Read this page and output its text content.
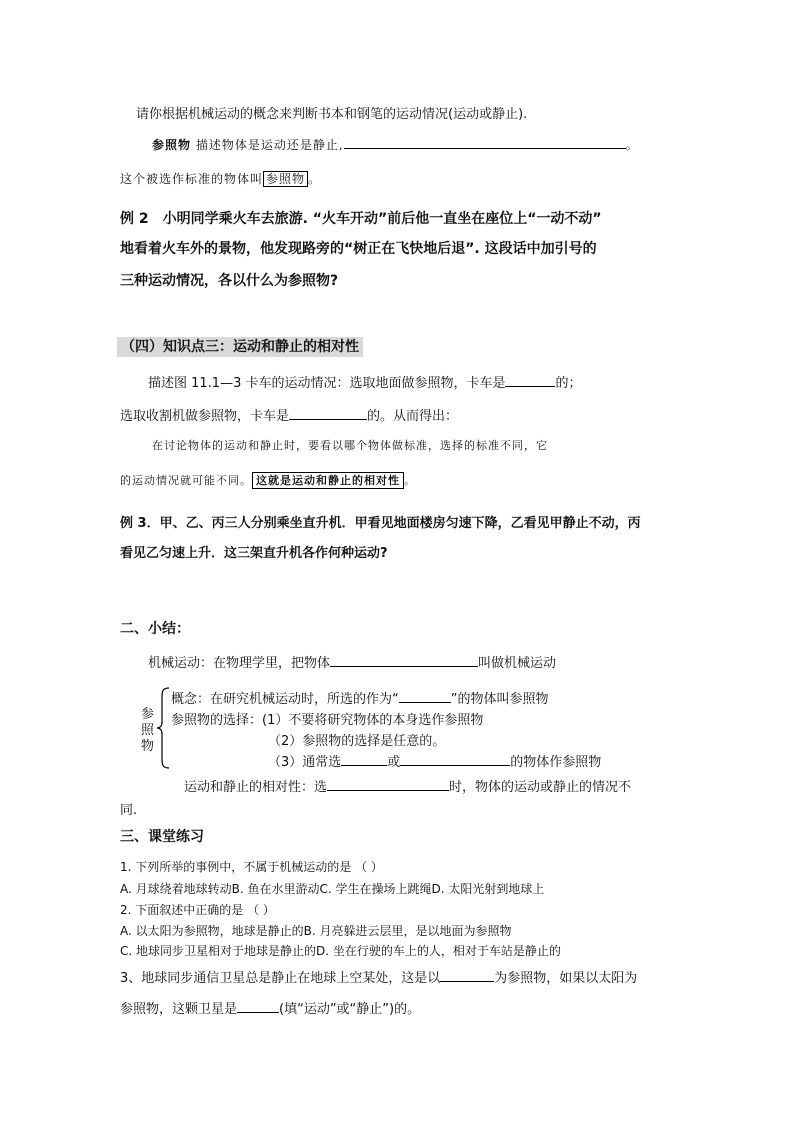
请你根据机械运动的概念来判断书本和钢笔的运动情况(运动或静止).
参照物 描述物体是运动还是静止,	。
这个被选作标准的物体叫 参照物 。
例 2　小明同学乘火车去旅游. “火车开动”前后他一直坐在座位上“一动不动”
地看着火车外的景物，他发现路旁的“树正在飞快地后退”. 这段话中加引号的
三种运动情况，各以什么为参照物?
（四）知识点三：运动和静止的相对性
描述图 11.1—3 卡车的运动情况：选取地面做参照物，卡车是	的；
选取收割机做参照物，卡车是	的。从而得出：
在讨论物体的运动和静止时，要看以哪个物体做标准，选择的标准不同，它
的运动情况就可能不同。 这就是运动和静止的相对性 。
例 3．甲、乙、丙三人分别乘坐直升机．甲看见地面楼房匀速下降，乙看见甲静止不动，丙
看见乙匀速上升．这三架直升机各作何种运动?
二、小结：
机械运动：在物理学里，把物体	叫做机械运动
参
照
物
概念：在研究机械运动时，所选的作为“	”的物体叫参照物
参照物的选择：(1）不要将研究物体的本身选作参照物
（2）参照物的选择是任意的。
（3）通常选	或	的物体作参照物
运动和静止的相对性：选	时，物体的运动或静止的情况不
同.
三、课堂练习
1. 下列所举的事例中，不属于机械运动的是 （ ）
A. 月球绕着地球转动B. 鱼在水里游动C. 学生在操场上跳绳D. 太阳光射到地球上
2. 下面叙述中正确的是 （ ）
A. 以太阳为参照物，地球是静止的B. 月亮躲进云层里，是以地面为参照物
C. 地球同步卫星相对于地球是静止的D. 坐在行驶的车上的人，相对于车站是静止的
3、地球同步通信卫星总是静止在地球上空某处，这是以	为参照物，如果以太阳为
参照物，这颗卫星是	(填“运动”或“静止”)的。
